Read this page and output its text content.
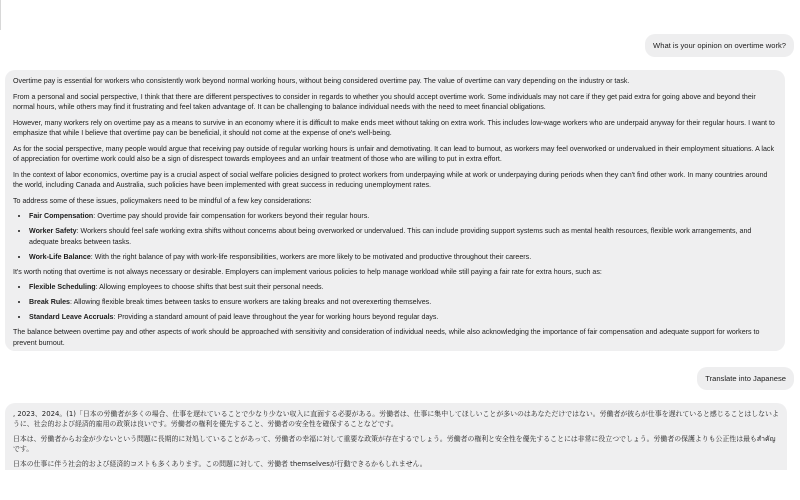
What is your opinion on overtime work?

Overtime pay is essential for workers who consistently work beyond normal working hours, without being considered overtime pay. The value of overtime can vary depending on the industry or task.

From a personal and social perspective, I think that there are different perspectives to consider in regards to whether you should accept overtime work. Some individuals may not care if they get paid extra for going above and beyond their normal hours, while others may find it frustrating and feel taken advantage of. It can be challenging to balance individual needs with the need to meet financial obligations.

However, many workers rely on overtime pay as a means to survive in an economy where it is difficult to make ends meet without taking on extra work. This includes low-wage workers who are underpaid anyway for their regular hours. I want to emphasize that while I believe that overtime pay can be beneficial, it should not come at the expense of one's well-being.

As for the social perspective, many people would argue that receiving pay outside of regular working hours is unfair and demotivating. It can lead to burnout, as workers may feel overworked or undervalued in their employment situations. A lack of appreciation for overtime work could also be a sign of disrespect towards employees and an unfair treatment of those who are willing to put in extra effort.

In the context of labor economics, overtime pay is a crucial aspect of social welfare policies designed to protect workers from underpaying while at work or underpaying during periods when they can't find other work. In many countries around the world, including Canada and Australia, such policies have been implemented with great success in reducing unemployment rates.

To address some of these issues, policymakers need to be mindful of a few key considerations:

• Fair Compensation: Overtime pay should provide fair compensation for workers beyond their regular hours.
• Worker Safety: Workers should feel safe working extra shifts without concerns about being overworked or undervalued. This can include providing support systems such as mental health resources, flexible work arrangements, and adequate breaks between tasks.
• Work-Life Balance: With the right balance of pay with work-life responsibilities, workers are more likely to be motivated and productive throughout their careers.

It's worth noting that overtime is not always necessary or desirable. Employers can implement various policies to help manage workload while still paying a fair rate for extra hours, such as:

• Flexible Scheduling: Allowing employees to choose shifts that best suit their personal needs.
• Break Rules: Allowing flexible break times between tasks to ensure workers are taking breaks and not overexerting themselves.
• Standard Leave Accruals: Providing a standard amount of paid leave throughout the year for working hours beyond regular days.

The balance between overtime pay and other aspects of work should be approached with sensitivity and consideration of individual needs, while also acknowledging the importance of fair compensation and adequate support for workers to prevent burnout.

Translate into Japanese

, 2023、2024。(1)「日本の労働者が多くの場合、仕事を遅れていることで少なり少ない収入に直面する必要がある。労働者は、仕事に集中してほしいことが多いのはあなただけではない。労働者が彼らが仕事を遅れていると感じることはしないように、社会的および経済的雇用の政策は良いです。労働者の権利を優先すること、労働者の安全性を確保することなどです。

日本は、労働者からお金が少ないという問題に長期的に対処していることがあって、労働者の幸福に対して重要な政策が存在するでしょう。労働者の権利と安全性を優先することには非常に役立つでしょう。労働者の保護よりも公正性は最もสำคัญです。

日本の仕事に伴う社会的および経済的コストも多くあります。この問題に対して、労働者 themselvesが行動できるかもしれません。
